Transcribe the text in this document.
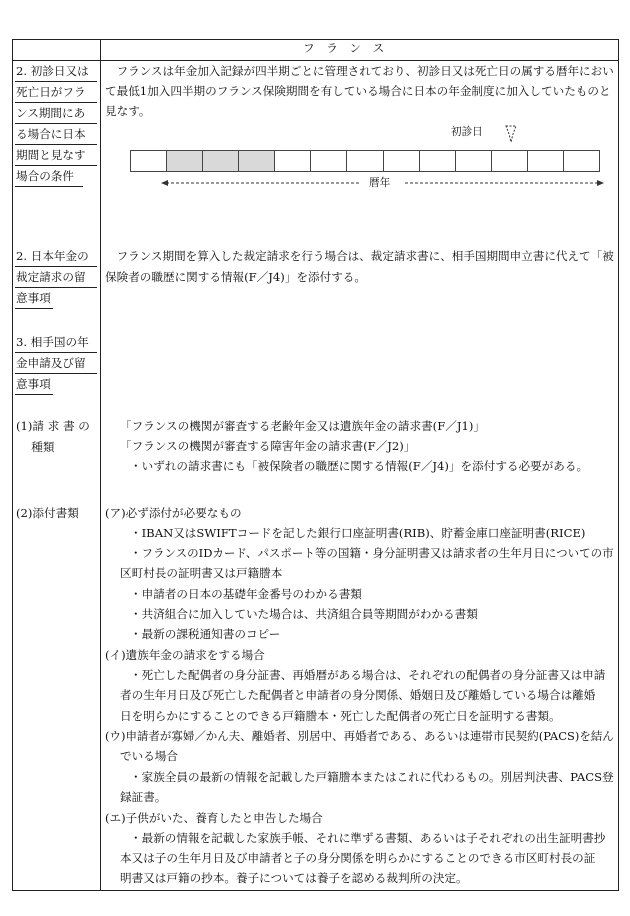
フ　ラ　ン　ス
2. 初診日又は
死亡日がフラ
ンス期間にあ
る場合に日本
期間と見なす
場合の条件
　フランスは年金加入記録が四半期ごとに管理されており、初診日又は死亡日の属する暦年におい
て最低1加入四半期のフランス保険期間を有している場合に日本の年金制度に加入していたものと
見なす。
初診日
暦年
2. 日本年金の
裁定請求の留
意事項
　フランス期間を算入した裁定請求を行う場合は、裁定請求書に、相手国期間申立書に代えて「被
保険者の職歴に関する情報(F／J4)」を添付する。
3. 相手国の年
金申請及び留
意事項
(1)請 求 書 の
　 種類
「フランスの機関が審査する老齢年金又は遺族年金の請求書(F／J1)」
「フランスの機関が審査する障害年金の請求書(F／J2)」
・いずれの請求書にも「被保険者の職歴に関する情報(F／J4)」を添付する必要がある。
(2)添付書類 (ア)必ず添付が必要なもの
・IBAN又はSWIFTコードを記した銀行口座証明書(RIB)、貯蓄金庫口座証明書(RICE)
・フランスのIDカード、パスポート等の国籍・身分証明書又は請求者の生年月日についての市
区町村長の証明書又は戸籍謄本
・申請者の日本の基礎年金番号のわかる書類
・共済組合に加入していた場合は、共済組合員等期間がわかる書類
・最新の課税通知書のコピー
(イ)遺族年金の請求をする場合
・死亡した配偶者の身分証書、再婚暦がある場合は、それぞれの配偶者の身分証書又は申請
者の生年月日及び死亡した配偶者と申請者の身分関係、婚姻日及び離婚している場合は離婚
日を明らかにすることのできる戸籍謄本・死亡した配偶者の死亡日を証明する書類。
(ウ)申請者が寡婦／かん夫、離婚者、別居中、再婚者である、あるいは連帯市民契約(PACS)を結ん
でいる場合
・家族全員の最新の情報を記載した戸籍謄本またはこれに代わるもの。別居判決書、PACS登
録証書。
(エ)子供がいた、養育したと申告した場合
・最新の情報を記載した家族手帳、それに準ずる書類、あるいは子それぞれの出生証明書抄
本又は子の生年月日及び申請者と子の身分関係を明らかにすることのできる市区町村長の証
明書又は戸籍の抄本。養子については養子を認める裁判所の決定。
